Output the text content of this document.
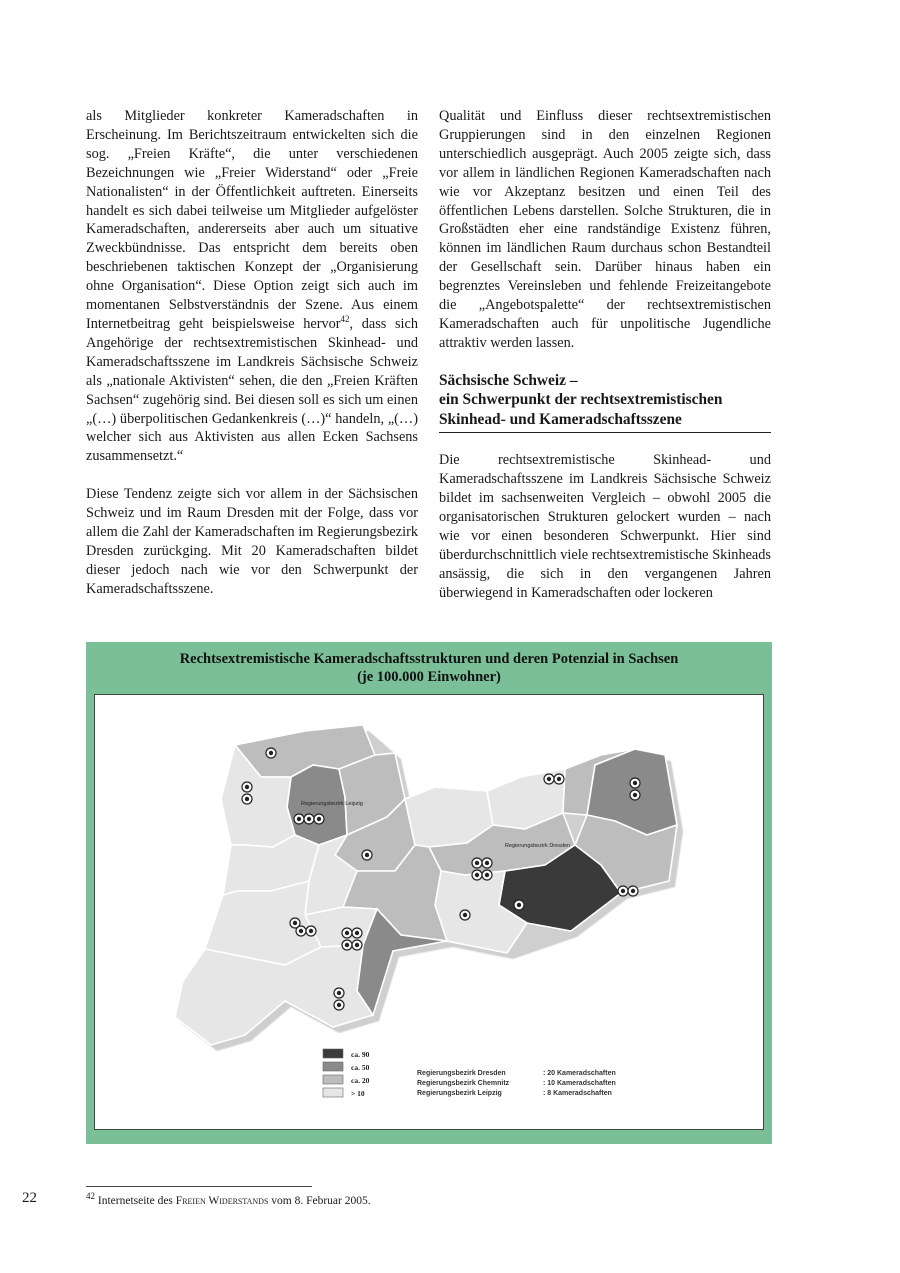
als Mitglieder konkreter Kameradschaften in Erscheinung. Im Berichtszeitraum entwickelten sich die sog. „Freien Kräfte“, die unter verschiedenen Bezeichnungen wie „Freier Widerstand“ oder „Freie Nationalisten“ in der Öffentlichkeit auftreten. Einerseits handelt es sich dabei teilweise um Mitglieder aufgelöster Kameradschaften, andererseits aber auch um situative Zweckbündnisse. Das entspricht dem bereits oben beschriebenen taktischen Konzept der „Organisierung ohne Organisation“. Diese Option zeigt sich auch im momentanen Selbstverständnis der Szene. Aus einem Internetbeitrag geht beispielsweise hervor$^{42}$, dass sich Angehörige der rechtsextremistischen Skinhead- und Kameradschaftsszene im Landkreis Sächsische Schweiz als „nationale Aktivisten“ sehen, die den „Freien Kräften Sachsen“ zugehörig sind. Bei diesen soll es sich um einen „(…) überpolitischen Gedankenkreis (…)“ handeln, „(…) welcher sich aus Aktivisten aus allen Ecken Sachsens zusammensetzt.“

Diese Tendenz zeigte sich vor allem in der Sächsischen Schweiz und im Raum Dresden mit der Folge, dass vor allem die Zahl der Kameradschaften im Regierungsbezirk Dresden zurückging. Mit 20 Kameradschaften bildet dieser jedoch nach wie vor den Schwerpunkt der Kameradschaftsszene.

Qualität und Einfluss dieser rechtsextremistischen Gruppierungen sind in den einzelnen Regionen unterschiedlich ausgeprägt. Auch 2005 zeigte sich, dass vor allem in ländlichen Regionen Kameradschaften nach wie vor Akzeptanz besitzen und einen Teil des öffentlichen Lebens darstellen. Solche Strukturen, die in Großstädten eher eine randständige Existenz führen, können im ländlichen Raum durchaus schon Bestandteil der Gesellschaft sein. Darüber hinaus haben ein begrenztes Vereinsleben und fehlende Freizeitangebote die „Angebotspalette“ der rechtsextremistischen Kameradschaften auch für unpolitische Jugendliche attraktiv werden lassen.

Sächsische Schweiz –
ein Schwerpunkt der rechtsextremistischen
Skinhead- und Kameradschaftsszene

Die rechtsextremistische Skinhead- und Kameradschaftsszene im Landkreis Sächsische Schweiz bildet im sachsenweiten Vergleich – obwohl 2005 die organisatorischen Strukturen gelockert wurden – nach wie vor einen besonderen Schwerpunkt. Hier sind überdurchschnittlich viele rechtsextremistische Skinheads ansässig, die sich in den vergangenen Jahren überwiegend in Kameradschaften oder lockeren

Rechtsextremistische Kameradschaftsstrukturen und deren Potenzial in Sachsen
(je 100.000 Einwohner)
Regierungsbezirk Leipzig
Regierungsbezirk Dresden
ca. 90
ca. 50
ca. 20
> 10
Regierungsbezirk Dresden	: 20 Kameradschaften
Regierungsbezirk Chemnitz	: 10 Kameradschaften
Regierungsbezirk Leipzig	: 8 Kameradschaften
$^{42}$ Internetseite des Freien Widerstands vom 8. Februar 2005.
22
